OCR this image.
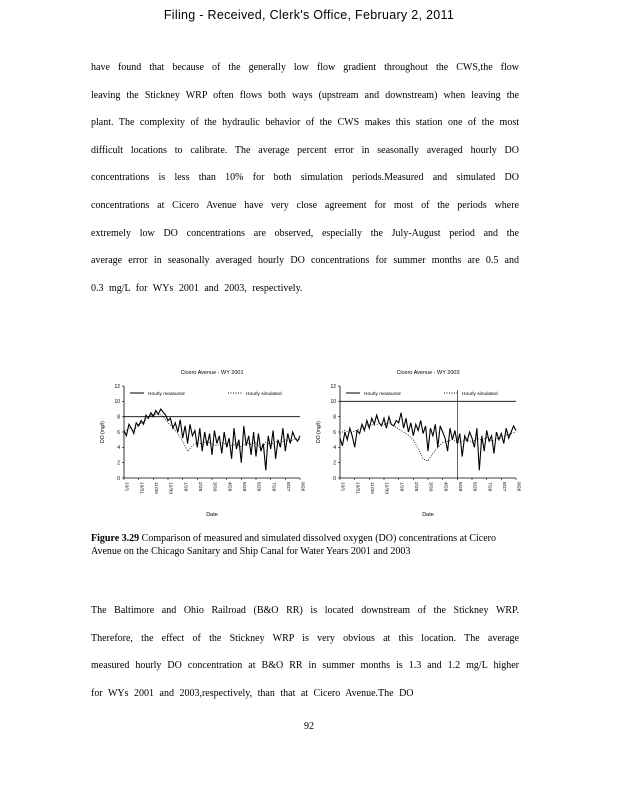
Filing - Received, Clerk's Office, February 2, 2011
have found that because of the generally low flow gradient throughout the CWS,the flow leaving the Stickney WRP often flows both ways (upstream and downstream) when leaving the plant. The complexity of the hydraulic behavior of the CWS makes this station one of the most difficult locations to calibrate. The average percent error in seasonally averaged hourly DO concentrations is less than 10% for both simulation periods.Measured and simulated DO concentrations at Cicero Avenue have very close agreement for most of the periods where extremely low DO concentrations are observed, especially the July-August period and the average error in seasonally averaged hourly DO concentrations for summer months are 0.5 and 0.3 mg/L for WYs 2001 and 2003, respectively.
Cicero Avenue - WY 2001
Hourly measured	Hourly simulated
0
2
4
6
8
10
12
DO (mg/l)
10/1 10/31 11/30 12/30 1/29 2/28 3/30 4/29 5/29 6/28 7/28 8/27 9/26
Date
Cicero Avenue - WY 2003
Hourly measured	Hourly simulated
0
2
4
6
8
10
12
DO (mg/l)
10/1 10/31 11/30 12/30 1/29 2/28 3/30 4/29 5/29 6/28 7/28 8/27 9/26
Date
Figure 3.29 Comparison of measured and simulated dissolved oxygen (DO) concentrations at Cicero Avenue on the Chicago Sanitary and Ship Canal for Water Years 2001 and 2003
The Baltimore and Ohio Railroad (B&O RR) is located downstream of the Stickney WRP. Therefore, the effect of the Stickney WRP is very obvious at this location. The average measured hourly DO concentration at B&O RR in summer months is 1.3 and 1.2 mg/L higher for WYs 2001 and 2003,respectively, than that at Cicero Avenue.The DO
92
